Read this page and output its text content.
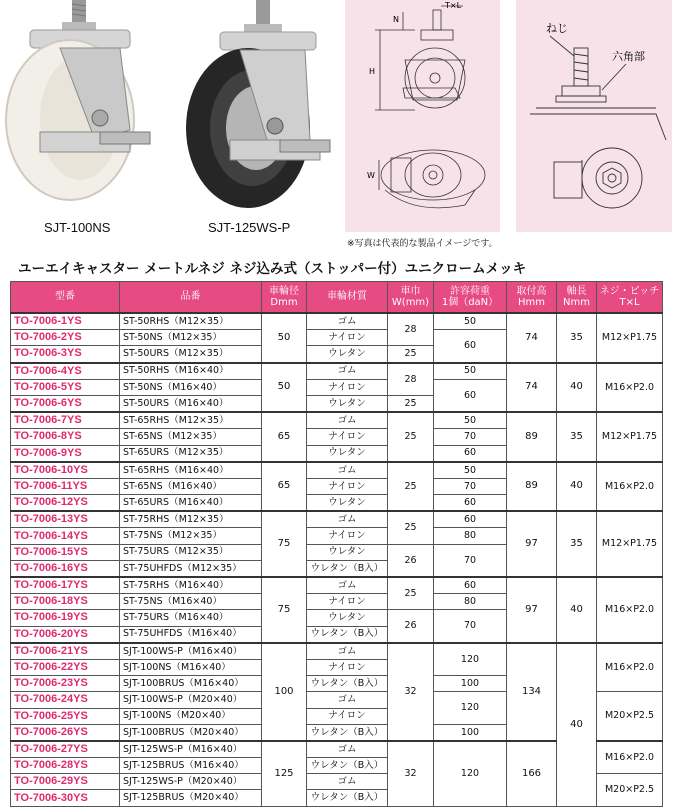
SJT-100NS	SJT-125WS-P
T×L
N
H
W
ねじ
六角部
※写真は代表的な製品イメージです。
ユーエイキャスター メートルネジ ネジ込み式（ストッパー付）ユニクロームメッキ
型番	品番	車輪径
Dmm	車輪材質	車巾
W(mm)	許容荷重
1個（daN）	取付高
Hmm	軸長
Nmm	ネジ・ピッチ
T×L
TO-7006-1YS	ST-50RHS（M12×35）	50	ゴム	28	50	74	35	M12×P1.75
TO-7006-2YS	ST-50NS（M12×35）		ナイロン		60			
TO-7006-3YS	ST-50URS（M12×35）		ウレタン	25				
TO-7006-4YS	ST-50RHS（M16×40）	50	ゴム	28	50	74	40	M16×P2.0
TO-7006-5YS	ST-50NS（M16×40）		ナイロン		60			
TO-7006-6YS	ST-50URS（M16×40）		ウレタン	25				
TO-7006-7YS	ST-65RHS（M12×35）	65	ゴム	25	50	89	35	M12×P1.75
TO-7006-8YS	ST-65NS（M12×35）		ナイロン		70			
TO-7006-9YS	ST-65URS（M12×35）		ウレタン		60			
TO-7006-10YS	ST-65RHS（M16×40）	65	ゴム	25	50	89	40	M16×P2.0
TO-7006-11YS	ST-65NS（M16×40）		ナイロン		70			
TO-7006-12YS	ST-65URS（M16×40）		ウレタン		60			
TO-7006-13YS	ST-75RHS（M12×35）	75	ゴム	25	60	97	35	M12×P1.75
TO-7006-14YS	ST-75NS（M12×35）		ナイロン		80			
TO-7006-15YS	ST-75URS（M12×35）		ウレタン	26	70			
TO-7006-16YS	ST-75UHFDS（M12×35）		ウレタン（B入）					
TO-7006-17YS	ST-75RHS（M16×40）	75	ゴム	25	60	97	40	M16×P2.0
TO-7006-18YS	ST-75NS（M16×40）		ナイロン		80			
TO-7006-19YS	ST-75URS（M16×40）		ウレタン	26	70			
TO-7006-20YS	ST-75UHFDS（M16×40）		ウレタン（B入）					
TO-7006-21YS	SJT-100WS-P（M16×40）	100	ゴム	32	120	134	40	M16×P2.0
TO-7006-22YS	SJT-100NS（M16×40）		ナイロン					
TO-7006-23YS	SJT-100BRUS（M16×40）		ウレタン（B入）		100			
TO-7006-24YS	SJT-100WS-P（M20×40）		ゴム		120			M20×P2.5
TO-7006-25YS	SJT-100NS（M20×40）		ナイロン					
TO-7006-26YS	SJT-100BRUS（M20×40）		ウレタン（B入）		100			
TO-7006-27YS	SJT-125WS-P（M16×40）	125	ゴム	32	120	166		M16×P2.0
TO-7006-28YS	SJT-125BRUS（M16×40）		ウレタン（B入）					
TO-7006-29YS	SJT-125WS-P（M20×40）		ゴム					M20×P2.5
TO-7006-30YS	SJT-125BRUS（M20×40）		ウレタン（B入）					
